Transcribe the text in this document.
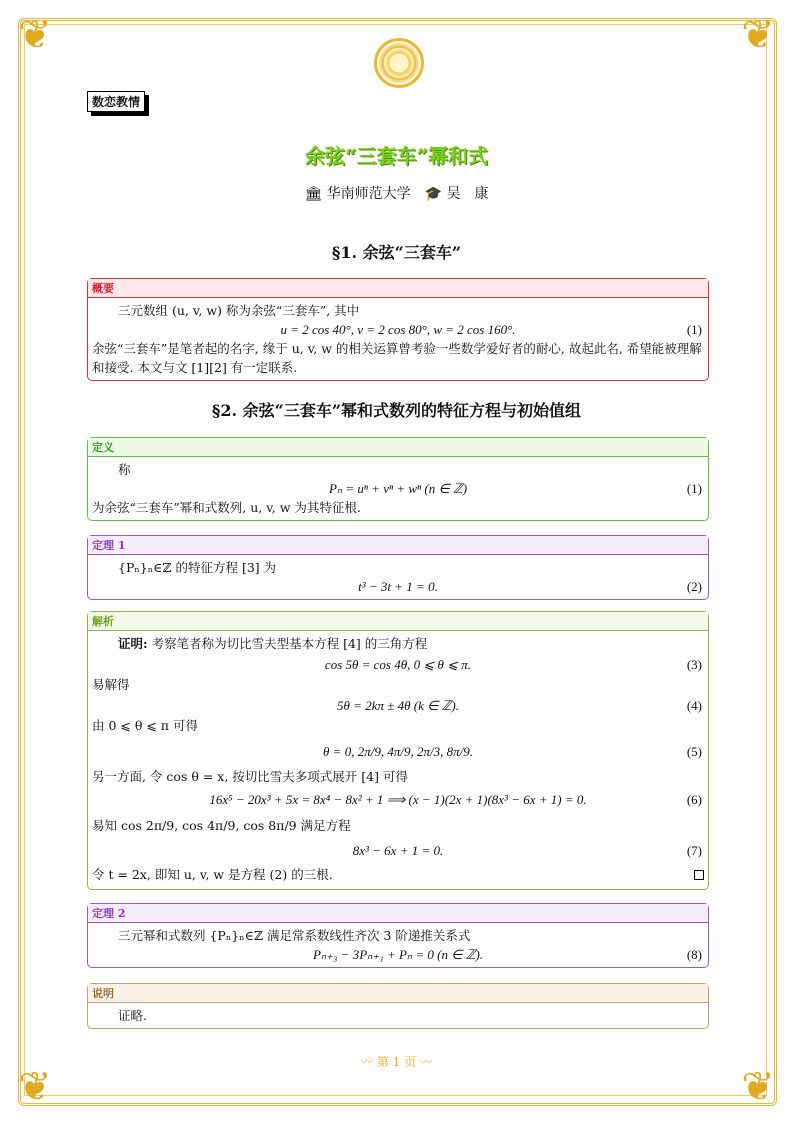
❦	❦
❦	❦
数恋教情
余弦“三套车”幂和式
🏛 华南师范大学　 🎓 吴　康
§1. 余弦“三套车”
概要
三元数组 (u, v, w) 称为余弦“三套车”, 其中
u = 2 cos 40°, v = 2 cos 80°, w = 2 cos 160°.	(1)
余弦“三套车”是笔者起的名字, 缘于 u, v, w 的相关运算曾考验一些数学爱好者的耐心, 故起此名, 希望能被理解和接受. 本文与文 [1][2] 有一定联系.
§2. 余弦“三套车”幂和式数列的特征方程与初始值组
定义
称
Pₙ = uⁿ + vⁿ + wⁿ (n ∈ ℤ)	(1)
为余弦“三套车”幂和式数列, u, v, w 为其特征根.
定理 1
{Pₙ}ₙ∈ℤ 的特征方程 [3] 为
t³ − 3t + 1 = 0.	(2)
解析
证明: 考察笔者称为切比雪夫型基本方程 [4] 的三角方程
cos 5θ = cos 4θ, 0 ⩽ θ ⩽ π.	(3)
易解得
5θ = 2kπ ± 4θ (k ∈ ℤ).	(4)
由 0 ⩽ θ ⩽ π 可得
θ = 0, 2π/9, 4π/9, 2π/3, 8π/9.	(5)
另一方面, 令 cos θ = x, 按切比雪夫多项式展开 [4] 可得
16x⁵ − 20x³ + 5x = 8x⁴ − 8x² + 1 ⟹ (x − 1)(2x + 1)(8x³ − 6x + 1) = 0.	(6)
易知 cos 2π/9, cos 4π/9, cos 8π/9 满足方程
8x³ − 6x + 1 = 0.	(7)
令 t = 2x, 即知 u, v, w 是方程 (2) 的三根.
定理 2
三元幂和式数列 {Pₙ}ₙ∈ℤ 满足常系数线性齐次 3 阶递推关系式
Pₙ₊₃ − 3Pₙ₊₁ + Pₙ = 0 (n ∈ ℤ).	(8)
说明
证略.
〰 第 1 页 〰
